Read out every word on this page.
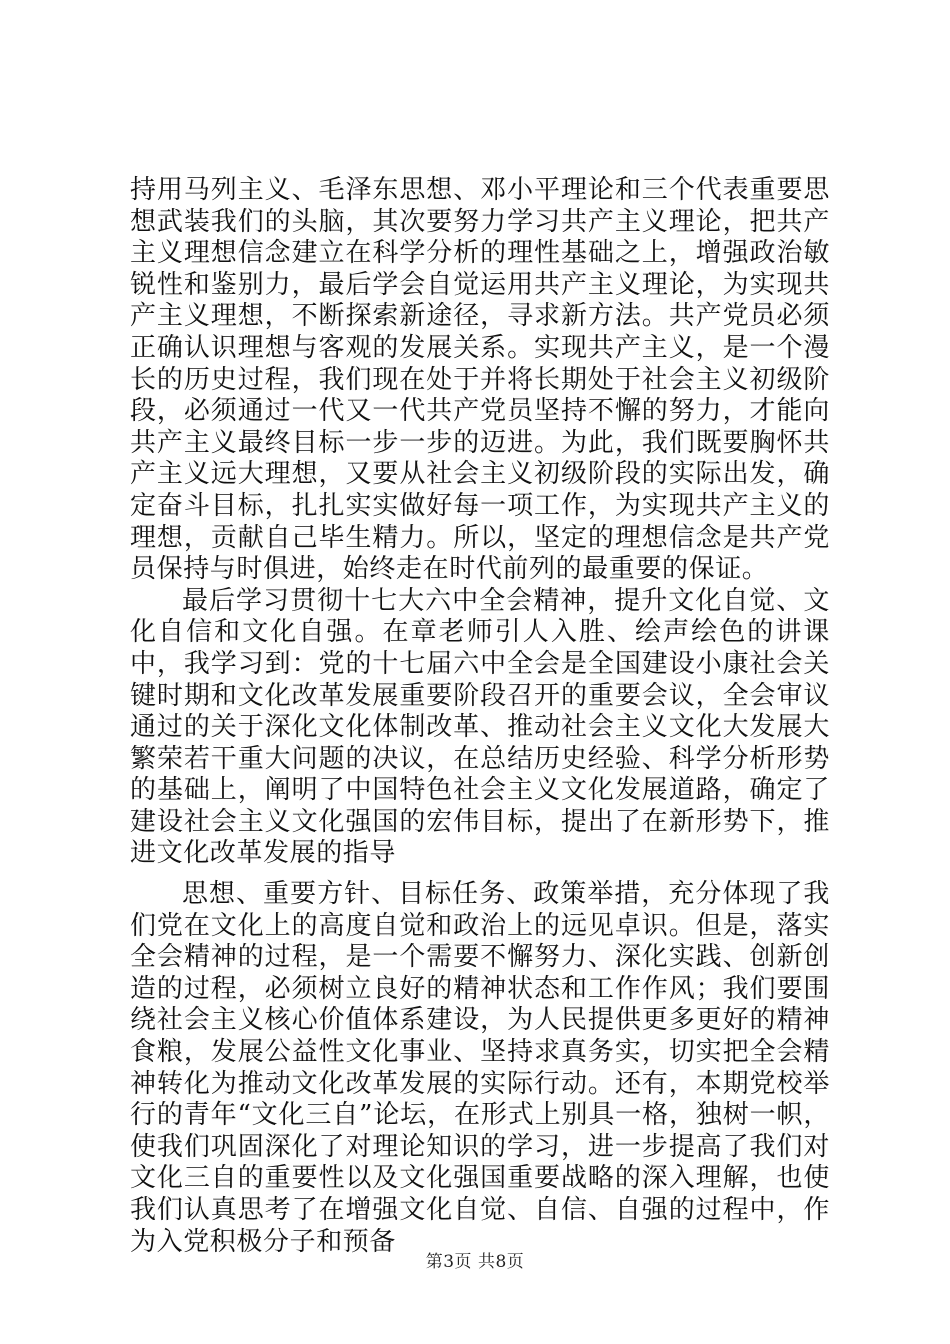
持用马列主义、毛泽东思想、邓小平理论和三个代表重要思想武装我们的头脑，其次要努力学习共产主义理论，把共产主义理想信念建立在科学分析的理性基础之上，增强政治敏锐性和鉴别力，最后学会自觉运用共产主义理论，为实现共产主义理想，不断探索新途径，寻求新方法。共产党员必须正确认识理想与客观的发展关系。实现共产主义，是一个漫长的历史过程，我们现在处于并将长期处于社会主义初级阶段，必须通过一代又一代共产党员坚持不懈的努力，才能向共产主义最终目标一步一步的迈进。为此，我们既要胸怀共产主义远大理想，又要从社会主义初级阶段的实际出发，确定奋斗目标，扎扎实实做好每一项工作，为实现共产主义的理想，贡献自己毕生精力。所以，坚定的理想信念是共产党员保持与时俱进，始终走在时代前列的最重要的保证。

最后学习贯彻十七大六中全会精神，提升文化自觉、文化自信和文化自强。在章老师引人入胜、绘声绘色的讲课中，我学习到：党的十七届六中全会是全国建设小康社会关键时期和文化改革发展重要阶段召开的重要会议，全会审议通过的关于深化文化体制改革、推动社会主义文化大发展大繁荣若干重大问题的决议，在总结历史经验、科学分析形势的基础上，阐明了中国特色社会主义文化发展道路，确定了建设社会主义文化强国的宏伟目标，提出了在新形势下，推进文化改革发展的指导

思想、重要方针、目标任务、政策举措，充分体现了我们党在文化上的高度自觉和政治上的远见卓识。但是，落实全会精神的过程，是一个需要不懈努力、深化实践、创新创造的过程，必须树立良好的精神状态和工作作风；我们要围绕社会主义核心价值体系建设，为人民提供更多更好的精神食粮，发展公益性文化事业、坚持求真务实，切实把全会精神转化为推动文化改革发展的实际行动。还有，本期党校举行的青年“文化三自”论坛，在形式上别具一格，独树一帜，使我们巩固深化了对理论知识的学习，进一步提高了我们对文化三自的重要性以及文化强国重要战略的深入理解，也使我们认真思考了在增强文化自觉、自信、自强的过程中，作为入党积极分子和预备

第3页 共8页
